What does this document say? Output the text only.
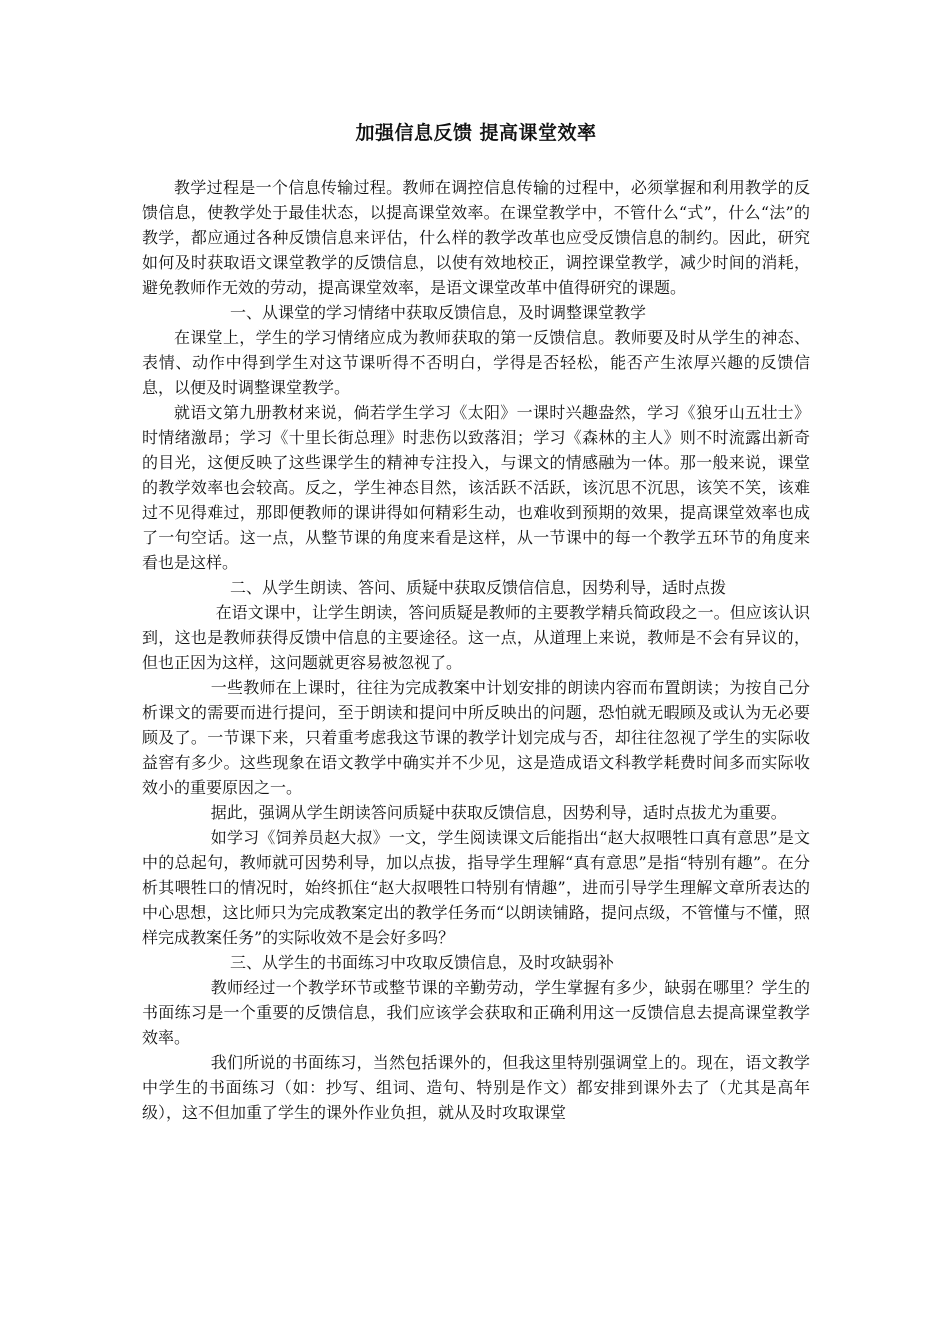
加强信息反馈 提高课堂效率

教学过程是一个信息传输过程。教师在调控信息传输的过程中，必须掌握和利用教学的反馈信息，使教学处于最佳状态，以提高课堂效率。在课堂教学中，不管什么“式”，什么“法”的教学，都应通过各种反馈信息来评估，什么样的教学改革也应受反馈信息的制约。因此，研究如何及时获取语文课堂教学的反馈信息，以使有效地校正，调控课堂教学，减少时间的消耗，避免教师作无效的劳动，提高课堂效率，是语文课堂改革中值得研究的课题。

一、从课堂的学习情绪中获取反馈信息，及时调整课堂教学

在课堂上，学生的学习情绪应成为教师获取的第一反馈信息。教师要及时从学生的神态、表情、动作中得到学生对这节课听得不否明白，学得是否轻松，能否产生浓厚兴趣的反馈信息，以便及时调整课堂教学。

就语文第九册教材来说，倘若学生学习《太阳》一课时兴趣盎然，学习《狼牙山五壮士》时情绪激昂；学习《十里长街总理》时悲伤以致落泪；学习《森林的主人》则不时流露出新奇的目光，这便反映了这些课学生的精神专注投入，与课文的情感融为一体。那一般来说，课堂的教学效率也会较高。反之，学生神态目然，该活跃不活跃，该沉思不沉思，该笑不笑，该难过不见得难过，那即便教师的课讲得如何精彩生动，也难收到预期的效果，提高课堂效率也成了一句空话。这一点，从整节课的角度来看是这样，从一节课中的每一个教学五环节的角度来看也是这样。

二、从学生朗读、答问、质疑中获取反馈信信息，因势利导，适时点拨

在语文课中，让学生朗读，答问质疑是教师的主要教学精兵简政段之一。但应该认识到，这也是教师获得反馈中信息的主要途径。这一点，从道理上来说，教师是不会有异议的，但也正因为这样，这问题就更容易被忽视了。

一些教师在上课时，往往为完成教案中计划安排的朗读内容而布置朗读；为按自己分析课文的需要而进行提问，至于朗读和提问中所反映出的问题，恐怕就无暇顾及或认为无必要顾及了。一节课下来，只着重考虑我这节课的教学计划完成与否，却往往忽视了学生的实际收益窖有多少。这些现象在语文教学中确实并不少见，这是造成语文科教学耗费时间多而实际收效小的重要原因之一。

据此，强调从学生朗读答问质疑中获取反馈信息，因势利导，适时点拔尤为重要。

如学习《饲养员赵大叔》一文，学生阅读课文后能指出“赵大叔喂牲口真有意思”是文中的总起句，教师就可因势利导，加以点拔，指导学生理解“真有意思”是指“特别有趣”。在分析其喂牲口的情况时，始终抓住“赵大叔喂牲口特别有情趣”，进而引导学生理解文章所表达的中心思想，这比师只为完成教案定出的教学任务而“以朗读铺路，提问点级，不管懂与不懂，照样完成教案任务”的实际收效不是会好多吗？

三、从学生的书面练习中攻取反馈信息，及时攻缺弱补

教师经过一个教学环节或整节课的辛勤劳动，学生掌握有多少，缺弱在哪里？学生的书面练习是一个重要的反馈信息，我们应该学会获取和正确利用这一反馈信息去提高课堂教学效率。

我们所说的书面练习，当然包括课外的，但我这里特别强调堂上的。现在，语文教学中学生的书面练习（如：抄写、组词、造句、特别是作文）都安排到课外去了（尤其是高年级），这不但加重了学生的课外作业负担，就从及时攻取课堂
